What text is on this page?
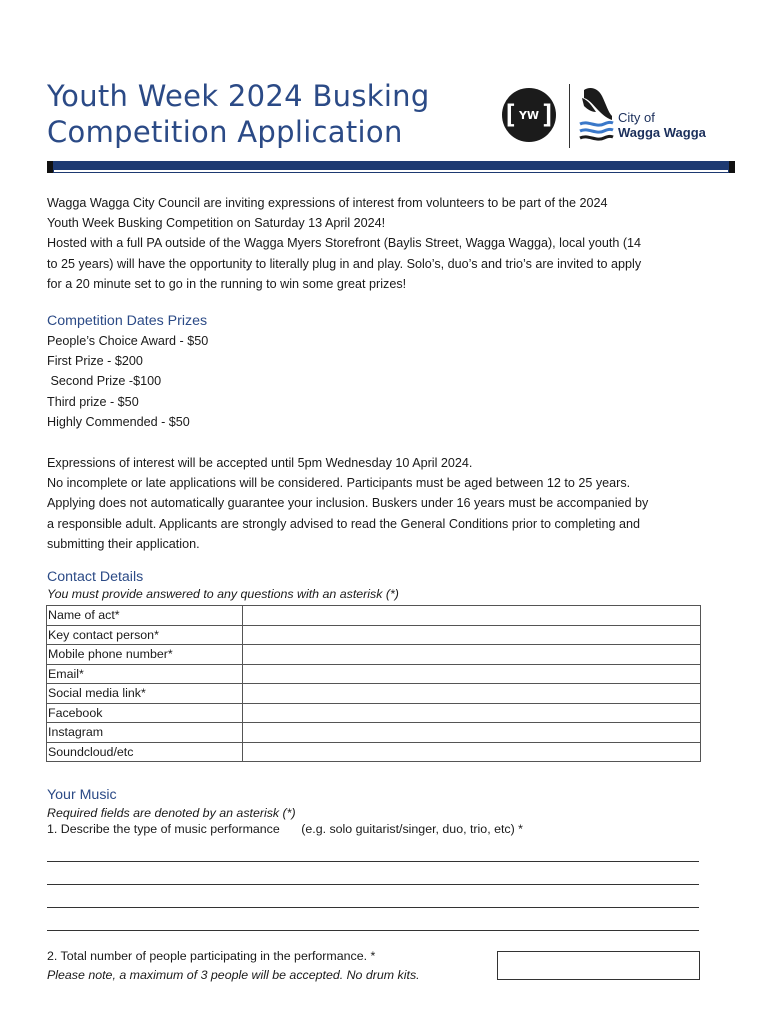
Youth Week 2024 Busking
Competition Application	[ YW ]	City of
Wagga Wagga
Wagga Wagga City Council are inviting expressions of interest from volunteers to be part of the 2024
Youth Week Busking Competition on Saturday 13 April 2024!
Hosted with a full PA outside of the Wagga Myers Storefront (Baylis Street, Wagga Wagga), local youth (14
to 25 years) will have the opportunity to literally plug in and play. Solo’s, duo’s and trio’s are invited to apply
for a 20 minute set to go in the running to win some great prizes!
Competition Dates Prizes
People’s Choice Award - $50
First Prize - $200
Second Prize -$100
Third prize - $50
Highly Commended - $50
Expressions of interest will be accepted until 5pm Wednesday 10 April 2024.
No incomplete or late applications will be considered. Participants must be aged between 12 to 25 years.
Applying does not automatically guarantee your inclusion. Buskers under 16 years must be accompanied by
a responsible adult. Applicants are strongly advised to read the General Conditions prior to completing and
submitting their application.
Contact Details
You must provide answered to any questions with an asterisk (*)
Name of act*	
Key contact person*	
Mobile phone number*	
Email*	
Social media link*	
Facebook	
Instagram	
Soundcloud/etc	
Your Music
Required fields are denoted by an asterisk (*)
1. Describe the type of music performance (e.g. solo guitarist/singer, duo, trio, etc) *
2. Total number of people participating in the performance. *
Please note, a maximum of 3 people will be accepted. No drum kits.
